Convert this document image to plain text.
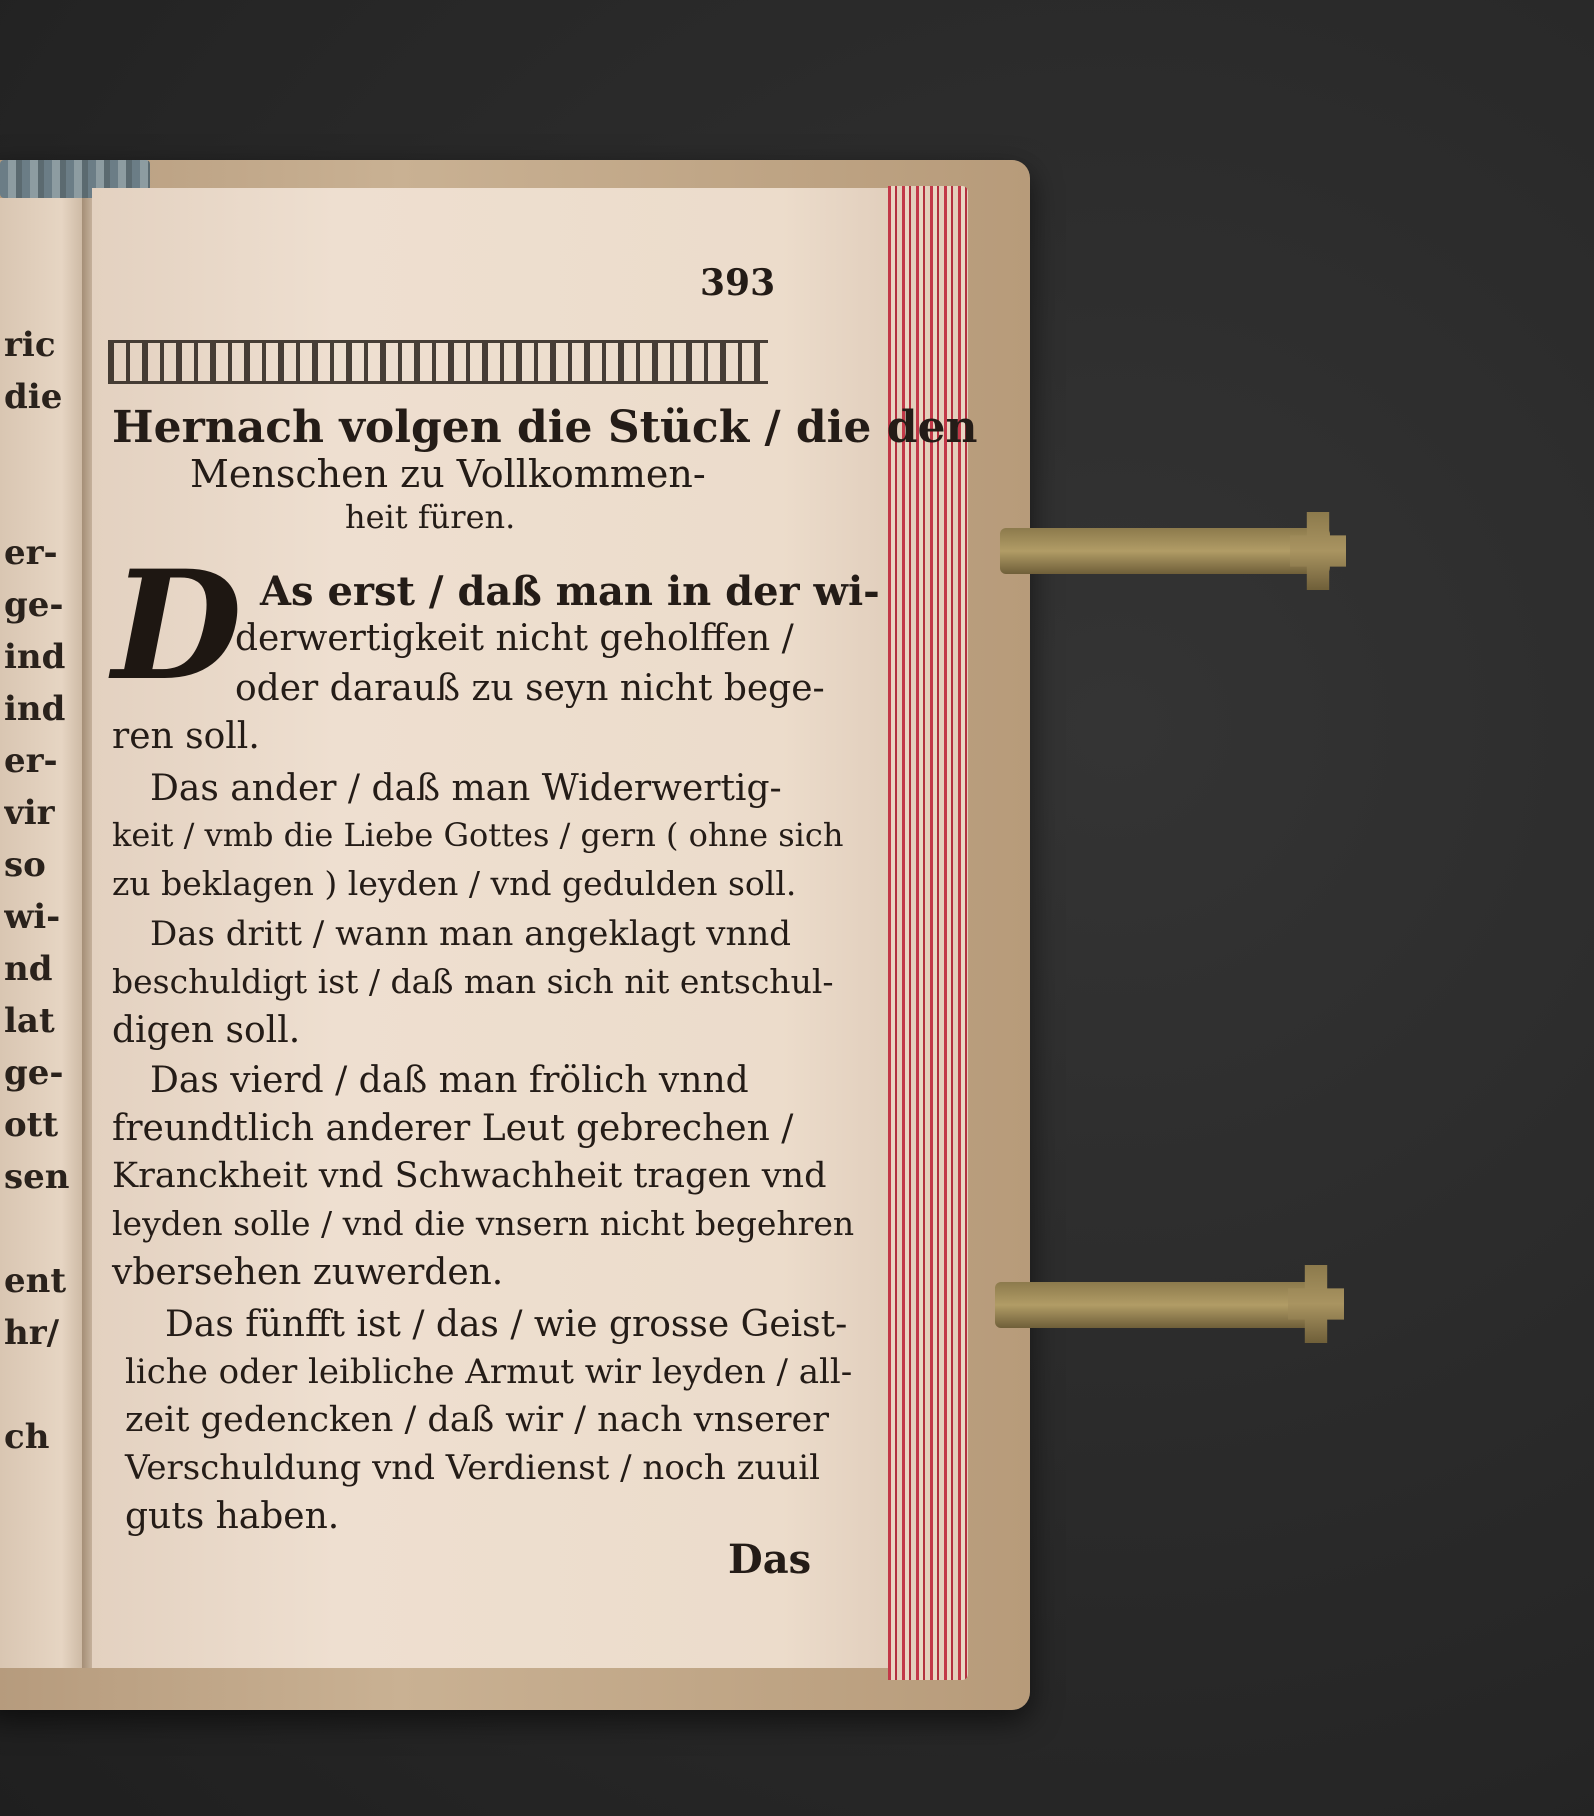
ric
die
er-
ge-
ind
ind
er-
vir
so
wi-
nd
lat
ge-
ott
sen
ent
hr/
ch
393
Hernach volgen die Stück / die den
Menschen zu Vollkommen-
heit füren.
D As erst / daß man in der wi-
derwertigkeit nicht geholffen /
oder darauß zu seyn nicht bege-
ren soll.
Das ander / daß man Widerwertig-
keit / vmb die Liebe Gottes / gern ( ohne sich
zu beklagen ) leyden / vnd gedulden soll.
Das dritt / wann man angeklagt vnnd
beschuldigt ist / daß man sich nit entschul-
digen soll.
Das vierd / daß man frölich vnnd
freundtlich anderer Leut gebrechen /
Kranckheit vnd Schwachheit tragen vnd
leyden solle / vnd die vnsern nicht begehren
vbersehen zuwerden.
Das fünfft ist / das / wie grosse Geist-
liche oder leibliche Armut wir leyden / all-
zeit gedencken / daß wir / nach vnserer
Verschuldung vnd Verdienst / noch zuuil
guts haben.
Das
